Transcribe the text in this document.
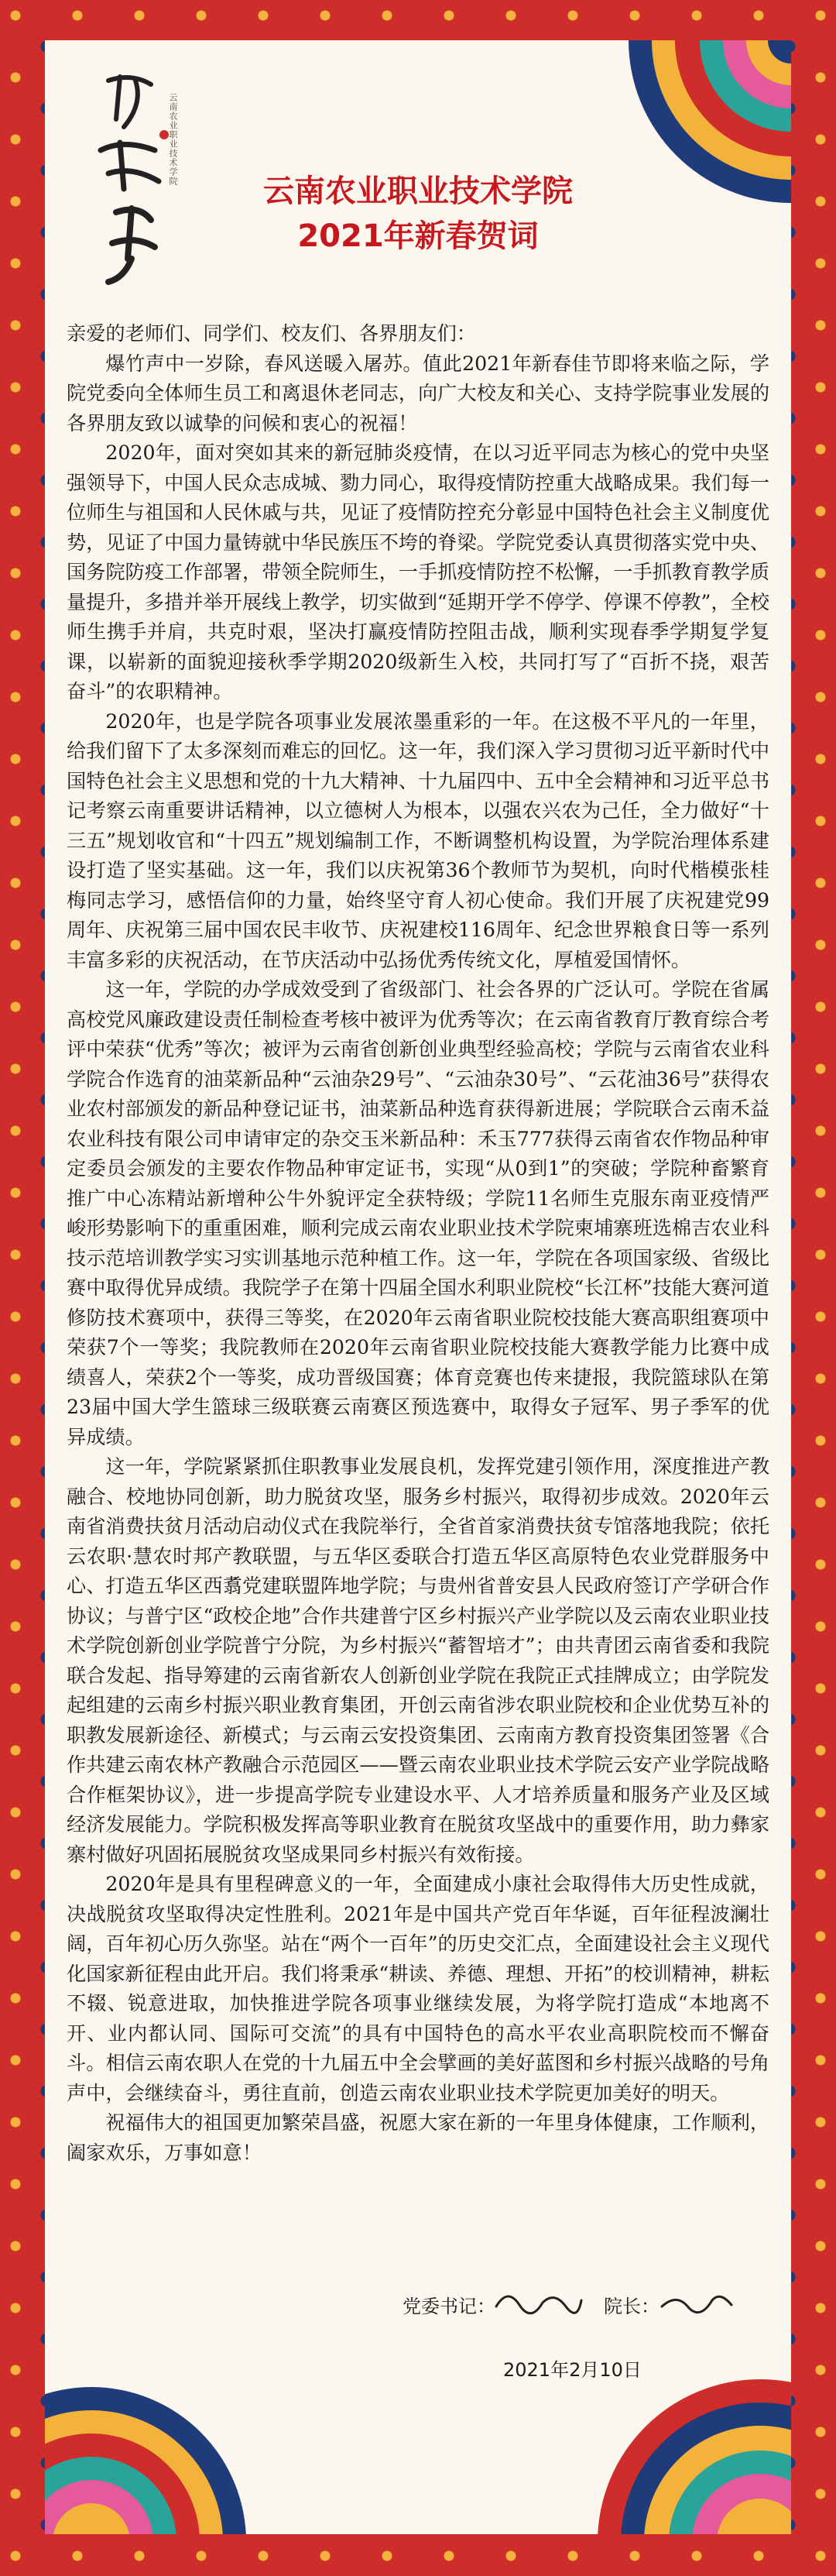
云南农业职业技术学院
云南农业职业技术学院
2021年新春贺词

亲爱的老师们、同学们、校友们、各界朋友们：

爆竹声中一岁除，春风送暖入屠苏。值此2021年新春佳节即将来临之际，学院党委向全体师生员工和离退休老同志，向广大校友和关心、支持学院事业发展的各界朋友致以诚挚的问候和衷心的祝福！

2020年，面对突如其来的新冠肺炎疫情，在以习近平同志为核心的党中央坚强领导下，中国人民众志成城、勠力同心，取得疫情防控重大战略成果。我们每一位师生与祖国和人民休戚与共，见证了疫情防控充分彰显中国特色社会主义制度优势，见证了中国力量铸就中华民族压不垮的脊梁。学院党委认真贯彻落实党中央、国务院防疫工作部署，带领全院师生，一手抓疫情防控不松懈，一手抓教育教学质量提升，多措并举开展线上教学，切实做到“延期开学不停学、停课不停教”，全校师生携手并肩，共克时艰，坚决打赢疫情防控阻击战，顺利实现春季学期复学复课，以崭新的面貌迎接秋季学期2020级新生入校，共同打写了“百折不挠，艰苦奋斗”的农职精神。

2020年，也是学院各项事业发展浓墨重彩的一年。在这极不平凡的一年里，给我们留下了太多深刻而难忘的回忆。这一年，我们深入学习贯彻习近平新时代中国特色社会主义思想和党的十九大精神、十九届四中、五中全会精神和习近平总书记考察云南重要讲话精神，以立德树人为根本，以强农兴农为己任，全力做好“十三五”规划收官和“十四五”规划编制工作，不断调整机构设置，为学院治理体系建设打造了坚实基础。这一年，我们以庆祝第36个教师节为契机，向时代楷模张桂梅同志学习，感悟信仰的力量，始终坚守育人初心使命。我们开展了庆祝建党99周年、庆祝第三届中国农民丰收节、庆祝建校116周年、纪念世界粮食日等一系列丰富多彩的庆祝活动，在节庆活动中弘扬优秀传统文化，厚植爱国情怀。

这一年，学院的办学成效受到了省级部门、社会各界的广泛认可。学院在省属高校党风廉政建设责任制检查考核中被评为优秀等次；在云南省教育厅教育综合考评中荣获“优秀”等次；被评为云南省创新创业典型经验高校；学院与云南省农业科学院合作选育的油菜新品种“云油杂29号”、“云油杂30号”、“云花油36号”获得农业农村部颁发的新品种登记证书，油菜新品种选育获得新进展；学院联合云南禾益农业科技有限公司申请审定的杂交玉米新品种：禾玉777获得云南省农作物品种审定委员会颁发的主要农作物品种审定证书，实现“从0到1”的突破；学院种畜繁育推广中心冻精站新增种公牛外貌评定全获特级；学院11名师生克服东南亚疫情严峻形势影响下的重重困难，顺利完成云南农业职业技术学院柬埔寨班选棉吉农业科技示范培训教学实习实训基地示范种植工作。这一年，学院在各项国家级、省级比赛中取得优异成绩。我院学子在第十四届全国水利职业院校“长江杯”技能大赛河道修防技术赛项中，获得三等奖，在2020年云南省职业院校技能大赛高职组赛项中荣获7个一等奖；我院教师在2020年云南省职业院校技能大赛教学能力比赛中成绩喜人，荣获2个一等奖，成功晋级国赛；体育竞赛也传来捷报，我院篮球队在第23届中国大学生篮球三级联赛云南赛区预选赛中，取得女子冠军、男子季军的优异成绩。

这一年，学院紧紧抓住职教事业发展良机，发挥党建引领作用，深度推进产教融合、校地协同创新，助力脱贫攻坚，服务乡村振兴，取得初步成效。2020年云南省消费扶贫月活动启动仪式在我院举行，全省首家消费扶贫专馆落地我院；依托云农职·慧农时邦产教联盟，与五华区委联合打造五华区高原特色农业党群服务中心、打造五华区西翥党建联盟阵地学院；与贵州省普安县人民政府签订产学研合作协议；与普宁区“政校企地”合作共建普宁区乡村振兴产业学院以及云南农业职业技术学院创新创业学院普宁分院，为乡村振兴“蓄智培才”；由共青团云南省委和我院联合发起、指导筹建的云南省新农人创新创业学院在我院正式挂牌成立；由学院发起组建的云南乡村振兴职业教育集团，开创云南省涉农职业院校和企业优势互补的职教发展新途径、新模式；与云南云安投资集团、云南南方教育投资集团签署《合作共建云南农林产教融合示范园区——暨云南农业职业技术学院云安产业学院战略合作框架协议》，进一步提高学院专业建设水平、人才培养质量和服务产业及区域经济发展能力。学院积极发挥高等职业教育在脱贫攻坚战中的重要作用，助力彝家寨村做好巩固拓展脱贫攻坚成果同乡村振兴有效衔接。

2020年是具有里程碑意义的一年，全面建成小康社会取得伟大历史性成就，决战脱贫攻坚取得决定性胜利。2021年是中国共产党百年华诞，百年征程波澜壮阔，百年初心历久弥坚。站在“两个一百年”的历史交汇点，全面建设社会主义现代化国家新征程由此开启。我们将秉承“耕读、养德、理想、开拓”的校训精神，耕耘不辍、锐意进取，加快推进学院各项事业继续发展，为将学院打造成“本地离不开、业内都认同、国际可交流”的具有中国特色的高水平农业高职院校而不懈奋斗。相信云南农职人在党的十九届五中全会擘画的美好蓝图和乡村振兴战略的号角声中，会继续奋斗，勇往直前，创造云南农业职业技术学院更加美好的明天。

祝福伟大的祖国更加繁荣昌盛，祝愿大家在新的一年里身体健康，工作顺利，阖家欢乐，万事如意！

党委书记：	院长：
2021年2月10日
